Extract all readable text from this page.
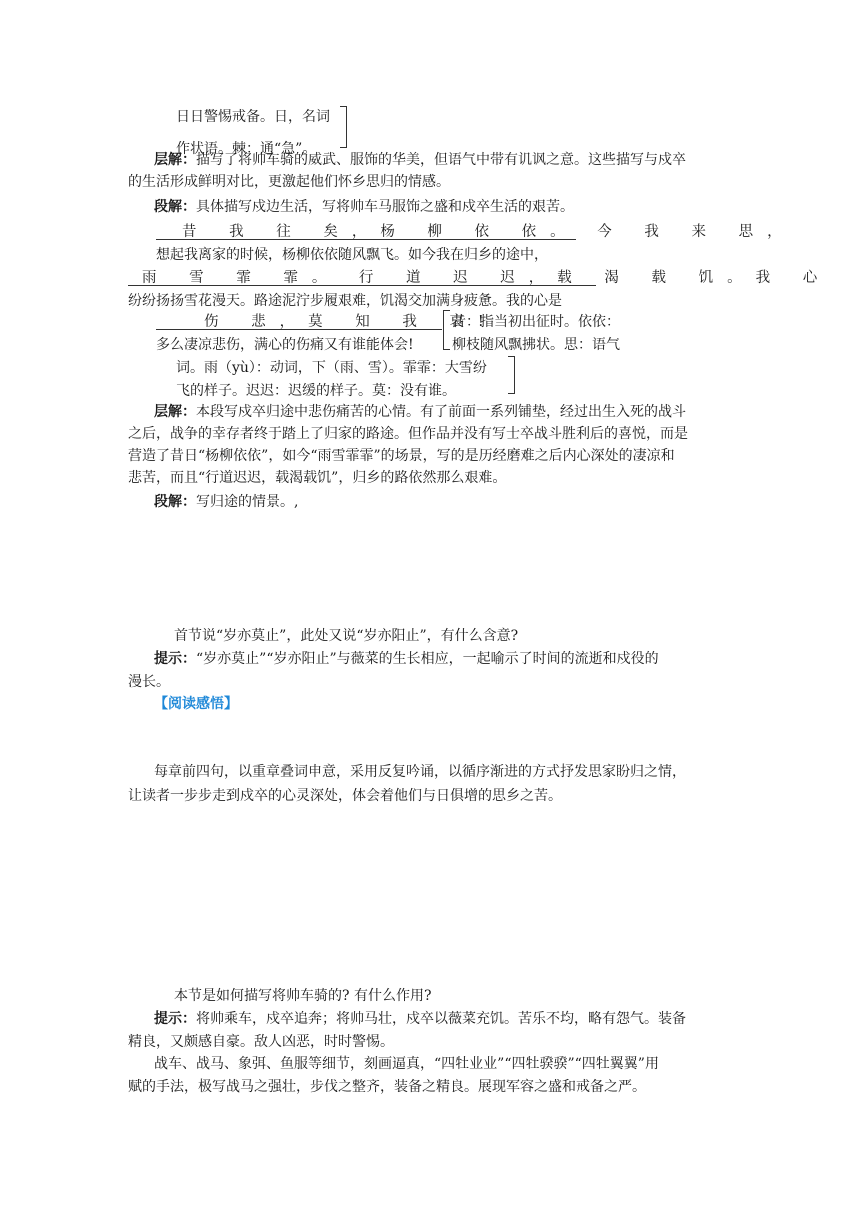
日日警惕戒备。日，名词
作状语。棘：通“急”。
层解：描写了将帅车骑的威武、服饰的华美，但语气中带有讥讽之意。这些描写与戍卒
的生活形成鲜明对比，更激起他们怀乡思归的情感。
段解：具体描写戍边生活，写将帅车马服饰之盛和戍卒生活的艰苦。
昔 我 往 矣，杨 柳 依 依。 今 我 来 思，
想起我离家的时候，杨柳依依随风飘飞。如今我在归乡的途中，
雨 雪 霏 霏。 行 道 迟 迟，载 渴 载 饥。我 心
纷纷扬扬雪花漫天。路途泥泞步履艰难，饥渴交加满身疲惫。我的心是
伤 悲，莫 知 我 哀!
多么凄凉悲伤，满心的伤痛又有谁能体会!
昔：指当初出征时。依依：
柳枝随风飘拂状。思：语气
词。雨（yù）：动词，下（雨、雪）。霏霏：大雪纷
飞的样子。迟迟：迟缓的样子。莫：没有谁。
层解：本段写戍卒归途中悲伤痛苦的心情。有了前面一系列铺垫，经过出生入死的战斗
之后，战争的幸存者终于踏上了归家的路途。但作品并没有写士卒战斗胜利后的喜悦，而是
营造了昔日“杨柳依依”，如今“雨雪霏霏”的场景，写的是历经磨难之后内心深处的凄凉和
悲苦，而且“行道迟迟，载渴载饥”，归乡的路依然那么艰难。
段解：写归途的情景。,
首节说“岁亦莫止”，此处又说“岁亦阳止”，有什么含意?
提示：“岁亦莫止”“岁亦阳止”与薇菜的生长相应，一起喻示了时间的流逝和戍役的
漫长。
【阅读感悟】
每章前四句，以重章叠词申意，采用反复吟诵，以循序渐进的方式抒发思家盼归之情，
让读者一步步走到戍卒的心灵深处，体会着他们与日俱增的思乡之苦。
本节是如何描写将帅车骑的? 有什么作用?
提示：将帅乘车，戍卒追奔；将帅马壮，戍卒以薇菜充饥。苦乐不均，略有怨气。装备
精良，又颇感自豪。敌人凶恶，时时警惕。
战车、战马、象弭、鱼服等细节，刻画逼真，“四牡业业”“四牡骙骙”“四牡翼翼”用
赋的手法，极写战马之强壮，步伐之整齐，装备之精良。展现军容之盛和戒备之严。
